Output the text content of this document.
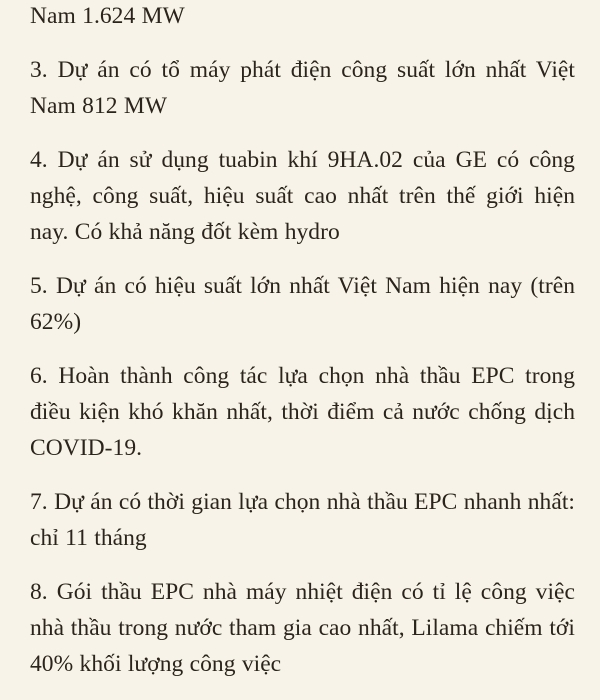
Nam 1.624 MW

3. Dự án có tổ máy phát điện công suất lớn nhất Việt Nam 812 MW

4. Dự án sử dụng tuabin khí 9HA.02 của GE có công nghệ, công suất, hiệu suất cao nhất trên thế giới hiện nay. Có khả năng đốt kèm hydro

5. Dự án có hiệu suất lớn nhất Việt Nam hiện nay (trên 62%)

6. Hoàn thành công tác lựa chọn nhà thầu EPC trong điều kiện khó khăn nhất, thời điểm cả nước chống dịch COVID-19.

7. Dự án có thời gian lựa chọn nhà thầu EPC nhanh nhất: chỉ 11 tháng

8. Gói thầu EPC nhà máy nhiệt điện có tỉ lệ công việc nhà thầu trong nước tham gia cao nhất, Lilama chiếm tới 40% khối lượng công việc
